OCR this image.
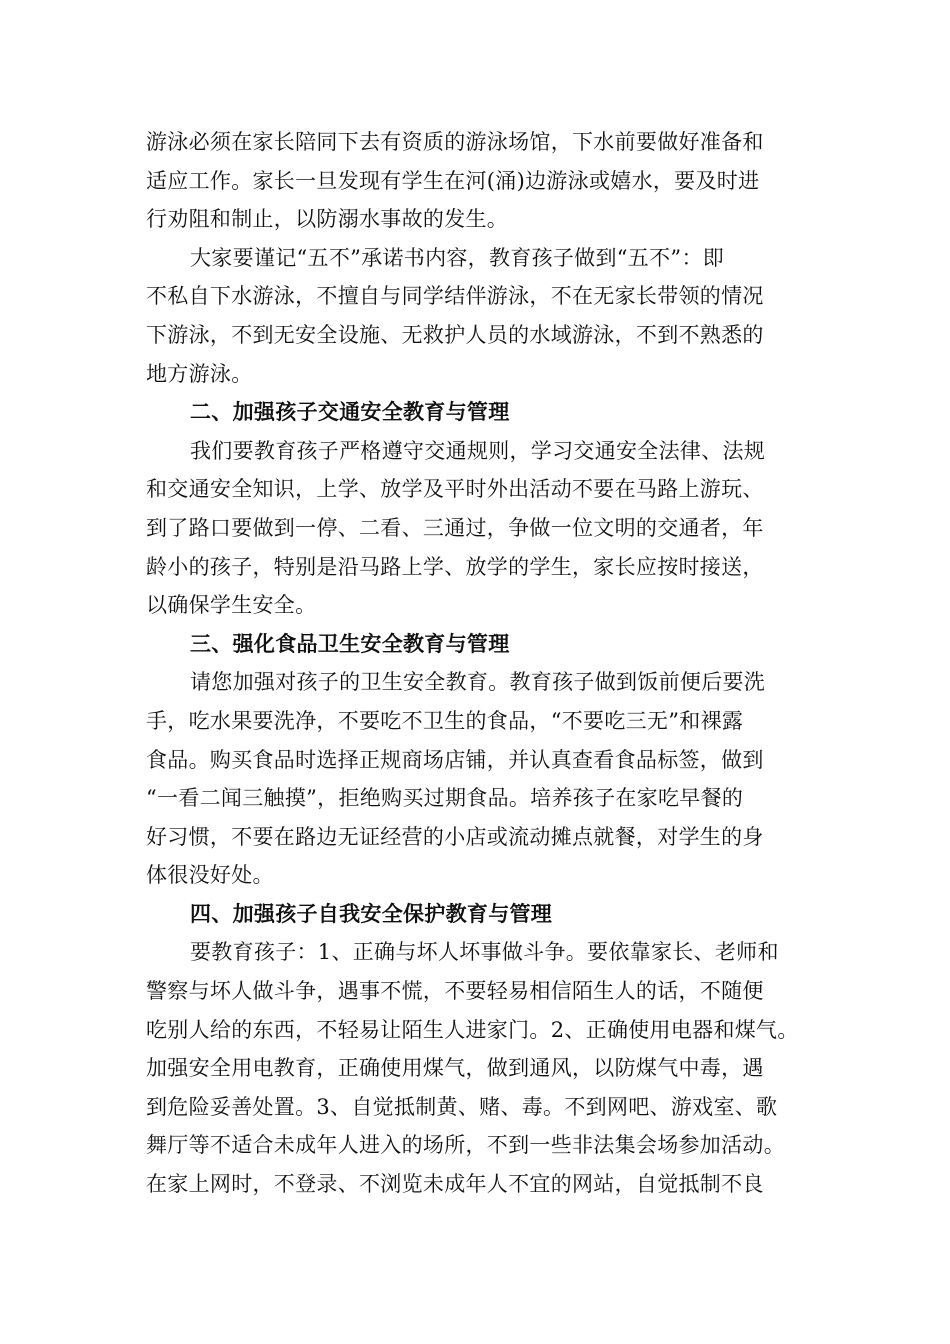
游泳必须在家长陪同下去有资质的游泳场馆，下水前要做好准备和
适应工作。家长一旦发现有学生在河(涌)边游泳或嬉水，要及时进
行劝阻和制止，以防溺水事故的发生。
大家要谨记“五不”承诺书内容，教育孩子做到“五不”：即
不私自下水游泳，不擅自与同学结伴游泳，不在无家长带领的情况
下游泳，不到无安全设施、无救护人员的水域游泳，不到不熟悉的
地方游泳。
二、加强孩子交通安全教育与管理
我们要教育孩子严格遵守交通规则，学习交通安全法律、法规
和交通安全知识，上学、放学及平时外出活动不要在马路上游玩、
到了路口要做到一停、二看、三通过，争做一位文明的交通者，年
龄小的孩子，特别是沿马路上学、放学的学生，家长应按时接送，
以确保学生安全。
三、强化食品卫生安全教育与管理
请您加强对孩子的卫生安全教育。教育孩子做到饭前便后要洗
手，吃水果要洗净，不要吃不卫生的食品，“不要吃三无”和裸露
食品。购买食品时选择正规商场店铺，并认真查看食品标签，做到
“一看二闻三触摸”，拒绝购买过期食品。培养孩子在家吃早餐的
好习惯，不要在路边无证经营的小店或流动摊点就餐，对学生的身
体很没好处。
四、加强孩子自我安全保护教育与管理
要教育孩子：1、正确与坏人坏事做斗争。要依靠家长、老师和
警察与坏人做斗争，遇事不慌，不要轻易相信陌生人的话，不随便
吃别人给的东西，不轻易让陌生人进家门。2、正确使用电器和煤气。
加强安全用电教育，正确使用煤气，做到通风，以防煤气中毒，遇
到危险妥善处置。3、自觉抵制黄、赌、毒。不到网吧、游戏室、歌
舞厅等不适合未成年人进入的场所，不到一些非法集会场参加活动。
在家上网时，不登录、不浏览未成年人不宜的网站，自觉抵制不良
